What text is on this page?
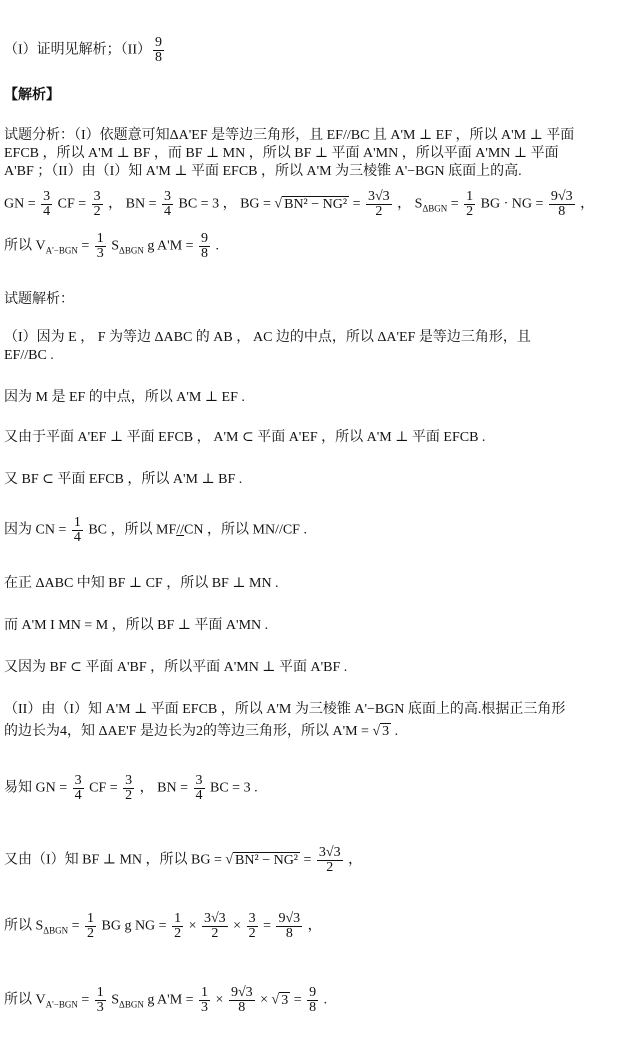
（I）证明见解析；$(II) \frac{9}{8}$
【解析】
试题分析：（I）依题意可知ΔA'EF 是等边三角形，且 EF//BC 且 A'M ⊥ EF ，所以 A'M ⊥ 平面
EFCB ，所以 A'M ⊥ BF ，而 BF ⊥ MN ，所以 BF ⊥ 平面 A'MN ，所以平面 A'MN ⊥ 平面
A'BF ；（II）由（I）知 A'M ⊥ 平面 EFCB ，所以 A'M 为三棱锥 A'−BGN 底面上的高.
GN = $\frac{3}{4}$ CF = $\frac{3}{2}$ ， BN = $\frac{3}{4}$ BC = 3 ， BG = √ $BN^2 - NG^2 = \frac{3√3}{2}$ ， $S_{\Delta BGN} = \frac{1}{2}$ BG · NG = $\frac{9√3}{8}$ ，
所以 $V_{A'-BGN} = \frac{1}{3} S_{\Delta BGN}$ g $A'M = \frac{9}{8}$ .
试题解析：
（I）因为 E ， F 为等边 ΔABC 的 AB ， AC 边的中点，所以 ΔA'EF 是等边三角形，且
EF//BC .
因为 M 是 EF 的中点，所以 A'M ⊥ EF .
又由于平面 A'EF ⊥ 平面 EFCB ， A'M ⊂ 平面 A'EF ，所以 A'M ⊥ 平面 EFCB .
又 BF ⊂ 平面 EFCB ，所以 A'M ⊥ BF .
因为 CN = $\frac{1}{4}$ BC ，所以 MF//CN ，所以 MN//CF .
在正 ΔABC 中知 BF ⊥ CF ，所以 BF ⊥ MN .
而 A'M I MN = M ，所以 BF ⊥ 平面 A'MN .
又因为 BF ⊂ 平面 A'BF ，所以平面 A'MN ⊥ 平面 A'BF .
（II）由（I）知 A'M ⊥ 平面 EFCB ，所以 A'M 为三棱锥 A'−BGN 底面上的高.根据正三角形
的边长为4，知 ΔAE'F 是边长为2的等边三角形，所以 A'M = √ 3 .
易知 GN = $\frac{3}{4}$ CF = $\frac{3}{2}$ ， BN = $\frac{3}{4}$ BC = 3 .
又由（I）知 BF ⊥ MN ，所以 BG = √ $BN^2 - NG^2 = \frac{3√3}{2}$ ，
所以 $S_{\Delta BGN} = \frac{1}{2}$ BG g NG = $\frac{1}{2} \times \frac{3√3}{2} \times \frac{3}{2} = \frac{9√3}{8}$ ，
所以 $V_{A'-BGN} = \frac{1}{3} S_{\Delta BGN}$ g $A'M = \frac{1}{3} \times \frac{9√3}{8}$ × √ $3 = \frac{9}{8}$ .
